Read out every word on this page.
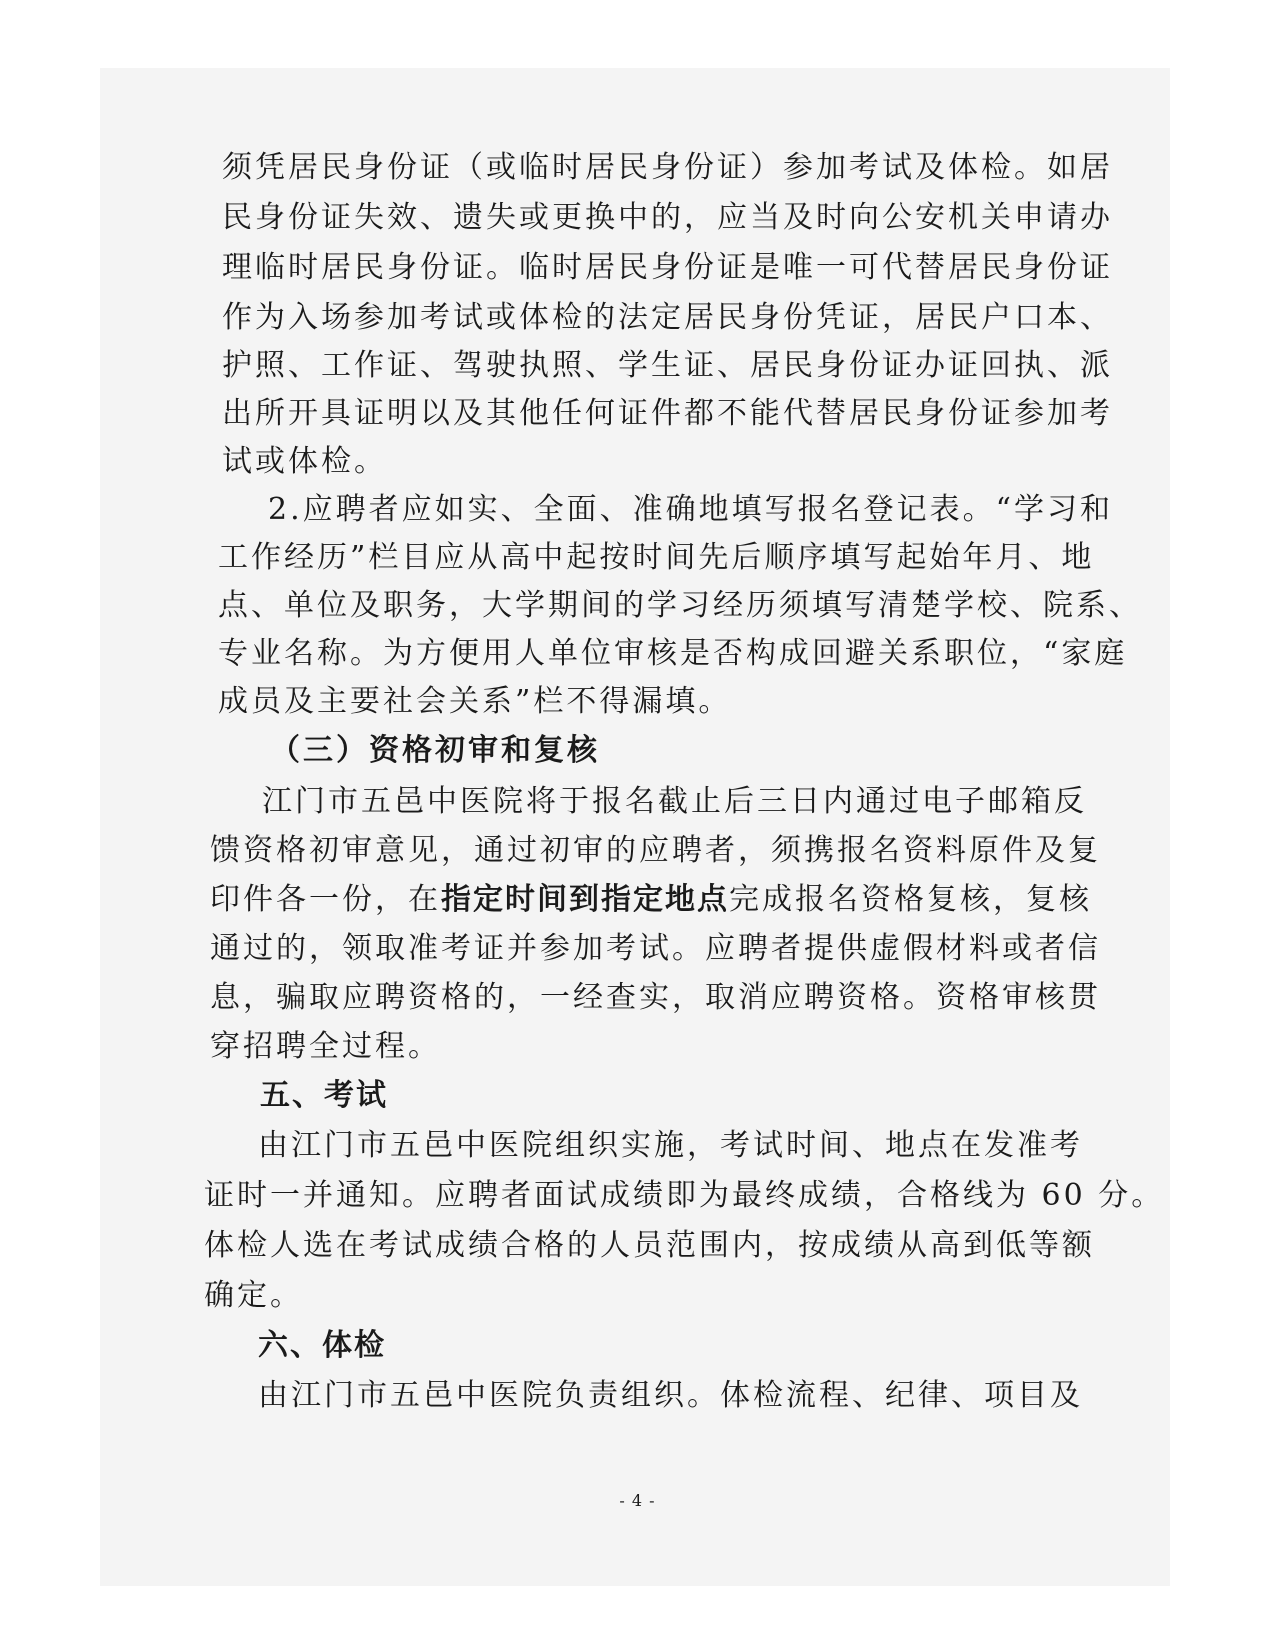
须凭居民身份证（或临时居民身份证）参加考试及体检。如居
民身份证失效、遗失或更换中的，应当及时向公安机关申请办
理临时居民身份证。临时居民身份证是唯一可代替居民身份证
作为入场参加考试或体检的法定居民身份凭证，居民户口本、
护照、工作证、驾驶执照、学生证、居民身份证办证回执、派
出所开具证明以及其他任何证件都不能代替居民身份证参加考
试或体检。
2.应聘者应如实、全面、准确地填写报名登记表。“学习和
工作经历”栏目应从高中起按时间先后顺序填写起始年月、地
点、单位及职务，大学期间的学习经历须填写清楚学校、院系、
专业名称。为方便用人单位审核是否构成回避关系职位，“家庭
成员及主要社会关系”栏不得漏填。
（三）资格初审和复核
江门市五邑中医院将于报名截止后三日内通过电子邮箱反
馈资格初审意见，通过初审的应聘者，须携报名资料原件及复
印件各一份，在指定时间到指定地点完成报名资格复核，复核
通过的，领取准考证并参加考试。应聘者提供虚假材料或者信
息，骗取应聘资格的，一经查实，取消应聘资格。资格审核贯
穿招聘全过程。
五、考试
由江门市五邑中医院组织实施，考试时间、地点在发准考
证时一并通知。应聘者面试成绩即为最终成绩，合格线为 60 分。
体检人选在考试成绩合格的人员范围内，按成绩从高到低等额
确定。
六、体检
由江门市五邑中医院负责组织。体检流程、纪律、项目及
- 4 -
